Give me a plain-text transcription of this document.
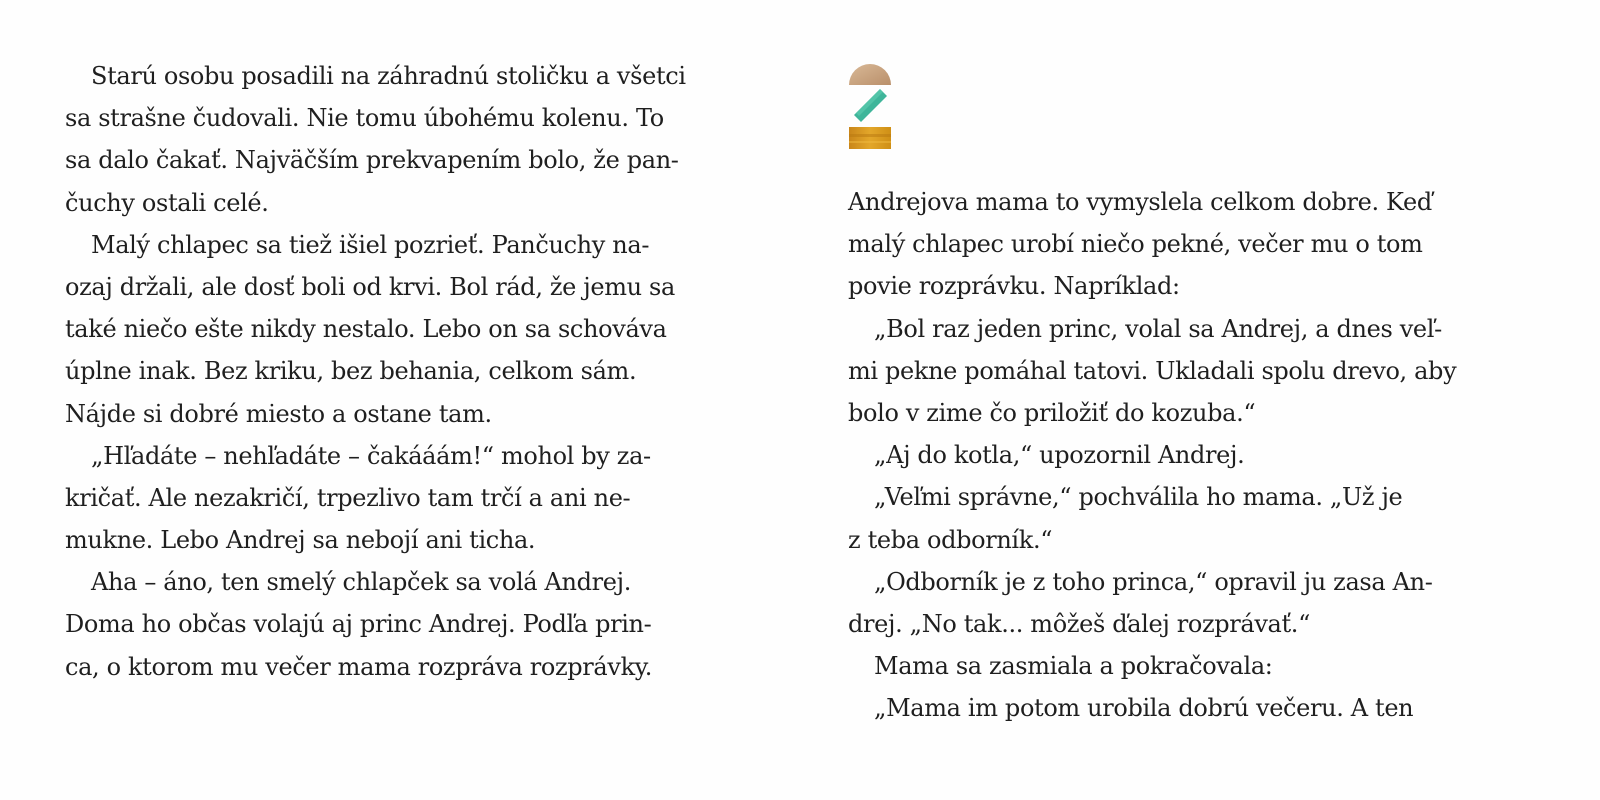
Starú osobu posadili na záhradnú stoličku a všetci
sa strašne čudovali. Nie tomu úbohému kolenu. To
sa dalo čakať. Najväčším prekvapením bolo, že pan-
čuchy ostali celé.
Malý chlapec sa tiež išiel pozrieť. Pančuchy na-
ozaj držali, ale dosť boli od krvi. Bol rád, že jemu sa
také niečo ešte nikdy nestalo. Lebo on sa schováva
úplne inak. Bez kriku, bez behania, celkom sám.
Nájde si dobré miesto a ostane tam.
„Hľadáte – nehľadáte – čakááám!“ mohol by za-
kričať. Ale nezakričí, trpezlivo tam trčí a ani ne-
mukne. Lebo Andrej sa nebojí ani ticha.
Aha – áno, ten smelý chlapček sa volá Andrej.
Doma ho občas volajú aj princ Andrej. Podľa prin-
ca, o ktorom mu večer mama rozpráva rozprávky.
Andrejova mama to vymyslela celkom dobre. Keď
malý chlapec urobí niečo pekné, večer mu o tom
povie rozprávku. Napríklad:
„Bol raz jeden princ, volal sa Andrej, a dnes veľ-
mi pekne pomáhal tatovi. Ukladali spolu drevo, aby
bolo v zime čo priložiť do kozuba.“
„Aj do kotla,“ upozornil Andrej.
„Veľmi správne,“ pochválila ho mama. „Už je
z teba odborník.“
„Odborník je z toho princa,“ opravil ju zasa An-
drej. „No tak... môžeš ďalej rozprávať.“
Mama sa zasmiala a pokračovala:
„Mama im potom urobila dobrú večeru. A ten
